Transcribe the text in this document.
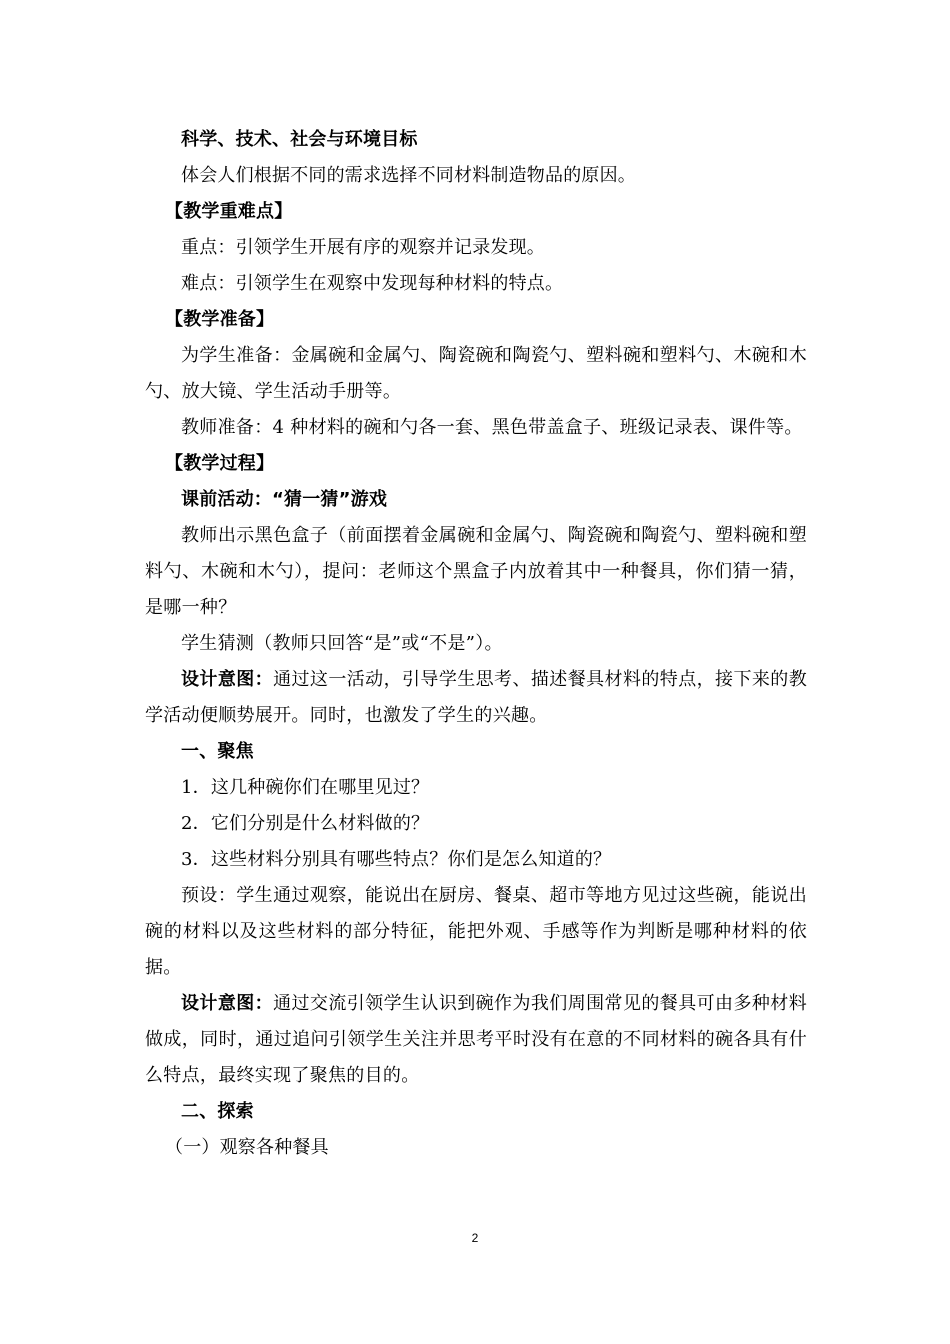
科学、技术、社会与环境目标
体会人们根据不同的需求选择不同材料制造物品的原因。
【教学重难点】
重点：引领学生开展有序的观察并记录发现。
难点：引领学生在观察中发现每种材料的特点。
【教学准备】
为学生准备：金属碗和金属勺、陶瓷碗和陶瓷勺、塑料碗和塑料勺、木碗和木勺、放大镜、学生活动手册等。
教师准备：4 种材料的碗和勺各一套、黑色带盖盒子、班级记录表、课件等。
【教学过程】
课前活动：“猜一猜”游戏
教师出示黑色盒子（前面摆着金属碗和金属勺、陶瓷碗和陶瓷勺、塑料碗和塑料勺、木碗和木勺），提问：老师这个黑盒子内放着其中一种餐具，你们猜一猜，是哪一种？
学生猜测（教师只回答“是”或“不是”）。
设计意图：通过这一活动，引导学生思考、描述餐具材料的特点，接下来的教学活动便顺势展开。同时，也激发了学生的兴趣。
一、聚焦
1．这几种碗你们在哪里见过？
2．它们分别是什么材料做的？
3．这些材料分别具有哪些特点？你们是怎么知道的？
预设：学生通过观察，能说出在厨房、餐桌、超市等地方见过这些碗，能说出碗的材料以及这些材料的部分特征，能把外观、手感等作为判断是哪种材料的依据。
设计意图：通过交流引领学生认识到碗作为我们周围常见的餐具可由多种材料做成，同时，通过追问引领学生关注并思考平时没有在意的不同材料的碗各具有什么特点，最终实现了聚焦的目的。
二、探索
（一）观察各种餐具
2
